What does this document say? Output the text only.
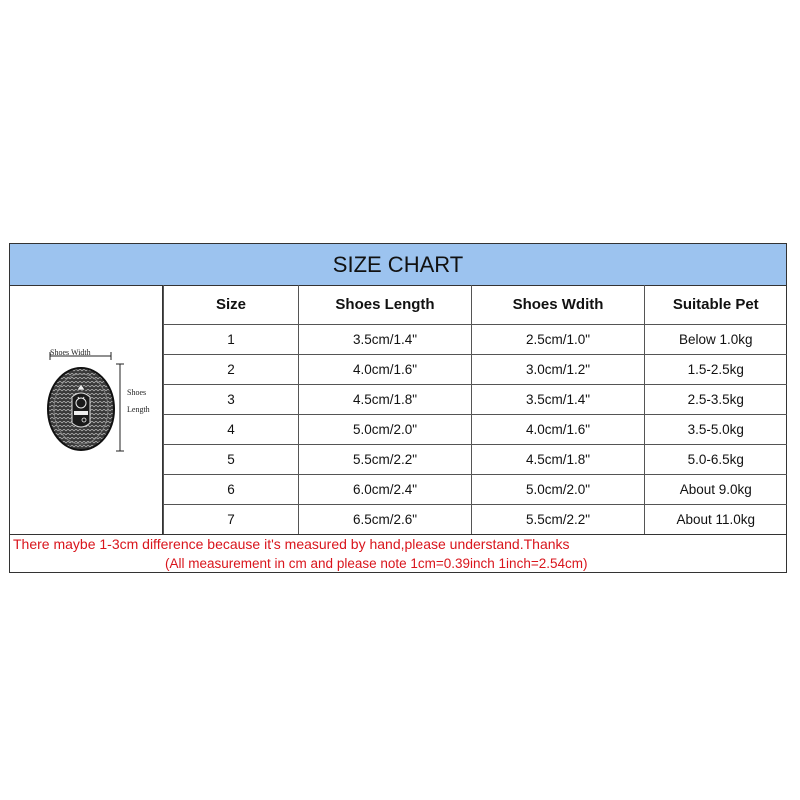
SIZE CHART
Shoes Width
Shoes
Length
Size	Shoes Length	Shoes Wdith	Suitable Pet
1	3.5cm/1.4"	2.5cm/1.0"	Below 1.0kg
2	4.0cm/1.6"	3.0cm/1.2"	1.5-2.5kg
3	4.5cm/1.8"	3.5cm/1.4"	2.5-3.5kg
4	5.0cm/2.0"	4.0cm/1.6"	3.5-5.0kg
5	5.5cm/2.2"	4.5cm/1.8"	5.0-6.5kg
6	6.0cm/2.4"	5.0cm/2.0"	About 9.0kg
7	6.5cm/2.6"	5.5cm/2.2"	About 11.0kg
There maybe 1-3cm difference because it's measured by hand,please understand.Thanks
(All measurement in cm and please note 1cm=0.39inch 1inch=2.54cm)
